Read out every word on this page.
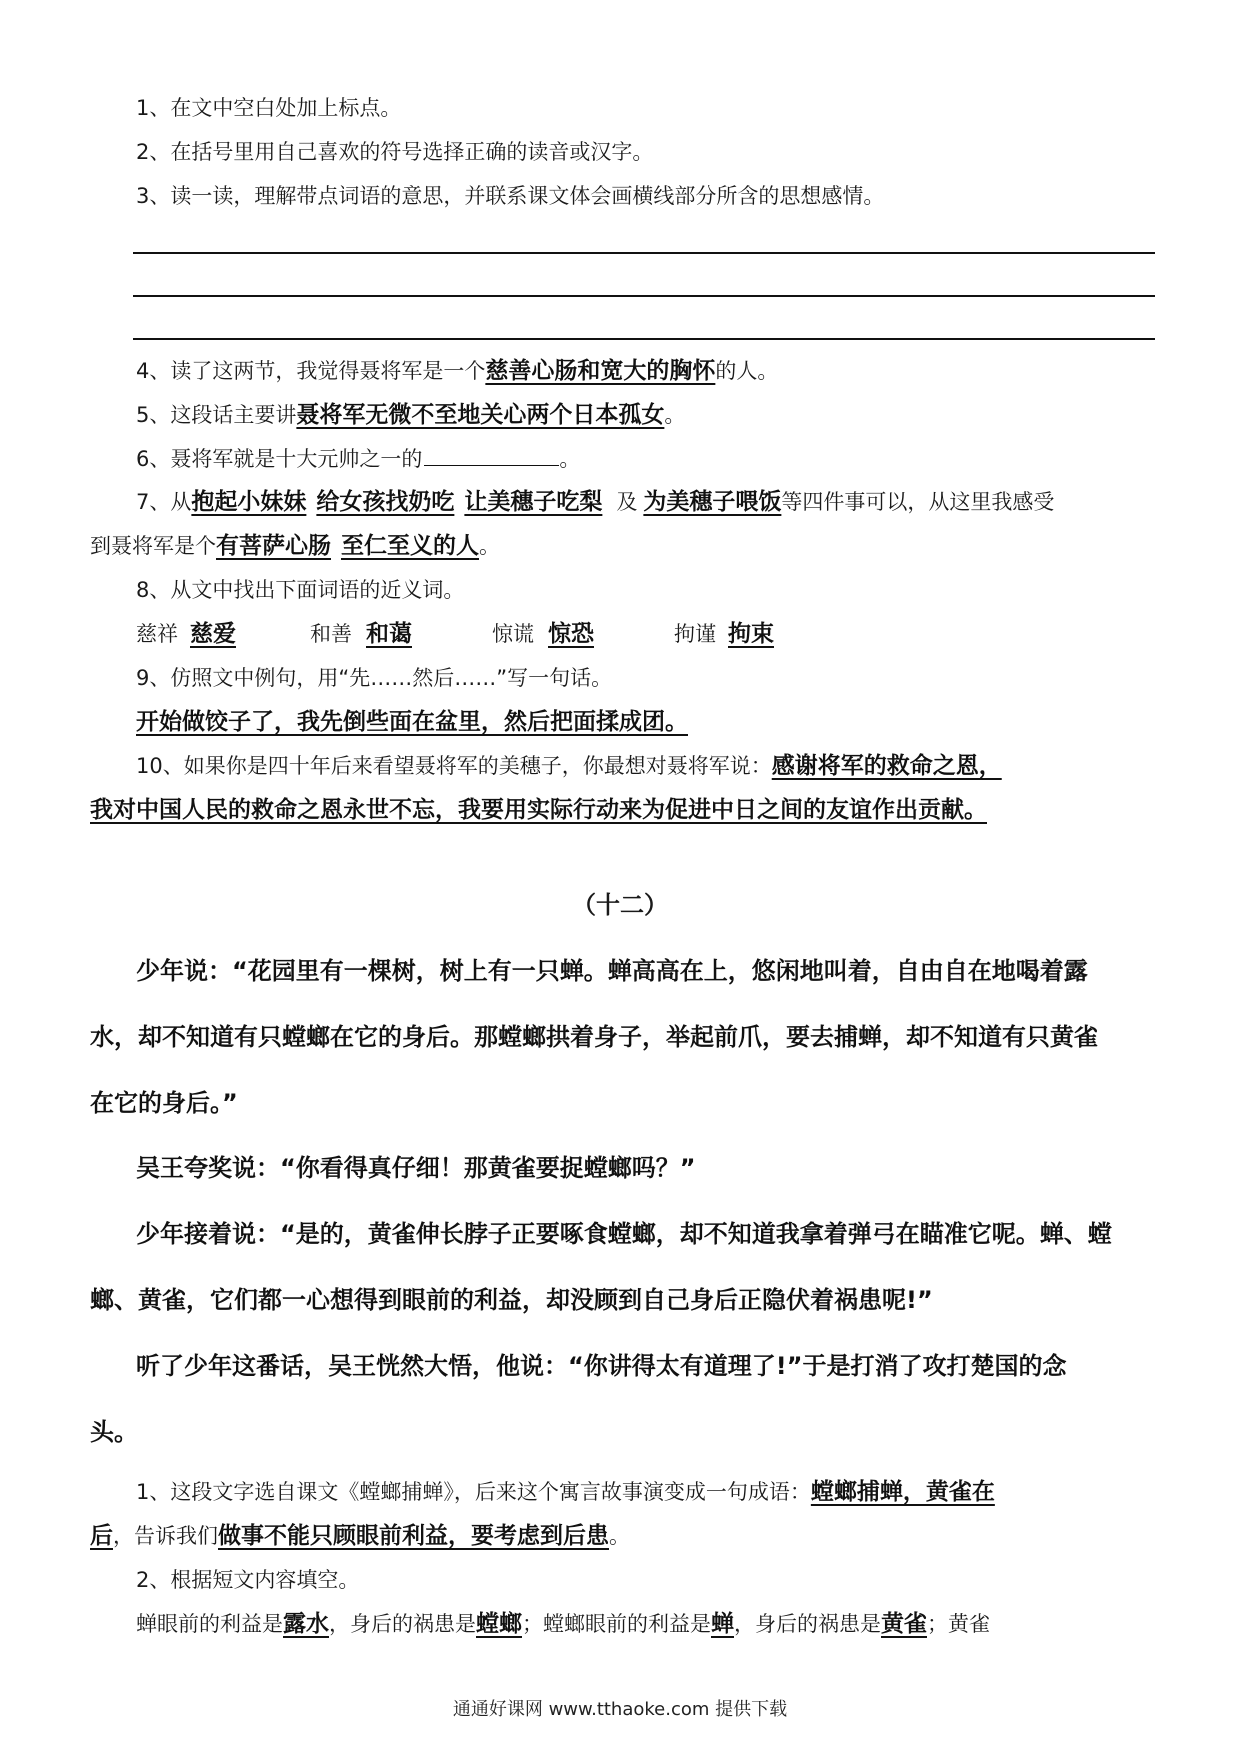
1、在文中空白处加上标点。
2、在括号里用自己喜欢的符号选择正确的读音或汉字。
3、读一读，理解带点词语的意思，并联系课文体会画横线部分所含的思想感情。
4、读了这两节，我觉得聂将军是一个慈善心肠和宽大的胸怀的人。
5、这段话主要讲聂将军无微不至地关心两个日本孤女。
6、聂将军就是十大元帅之一的	。
7、从抱起小妹妹 给女孩找奶吃 让美穗子吃梨 及 为美穗子喂饭等四件事可以，从这里我感受
到聂将军是个有菩萨心肠 至仁至义的人。
8、从文中找出下面词语的近义词。
慈祥 慈爱	和善 和蔼	惊谎 惊恐	拘谨 拘束
9、仿照文中例句，用“先……然后……”写一句话。
开始做饺子了，我先倒些面在盆里，然后把面揉成团。
10、如果你是四十年后来看望聂将军的美穗子，你最想对聂将军说：感谢将军的救命之恩，
我对中国人民的救命之恩永世不忘，我要用实际行动来为促进中日之间的友谊作出贡献。
（十二）
少年说：“花园里有一棵树，树上有一只蝉。蝉高高在上，悠闲地叫着，自由自在地喝着露
水，却不知道有只螳螂在它的身后。那螳螂拱着身子，举起前爪，要去捕蝉，却不知道有只黄雀
在它的身后。”
吴王夸奖说：“你看得真仔细！那黄雀要捉螳螂吗？”
少年接着说：“是的，黄雀伸长脖子正要啄食螳螂，却不知道我拿着弹弓在瞄准它呢。蝉、螳
螂、黄雀，它们都一心想得到眼前的利益，却没顾到自己身后正隐伏着祸患呢!”
听了少年这番话，吴王恍然大悟，他说：“你讲得太有道理了!”于是打消了攻打楚国的念
头。
1、这段文字选自课文《螳螂捕蝉》，后来这个寓言故事演变成一句成语：螳螂捕蝉，黄雀在
后，告诉我们做事不能只顾眼前利益，要考虑到后患。
2、根据短文内容填空。
蝉眼前的利益是露水，身后的祸患是螳螂；螳螂眼前的利益是蝉，身后的祸患是黄雀；黄雀
通通好课网 www.tthaoke.com 提供下载
